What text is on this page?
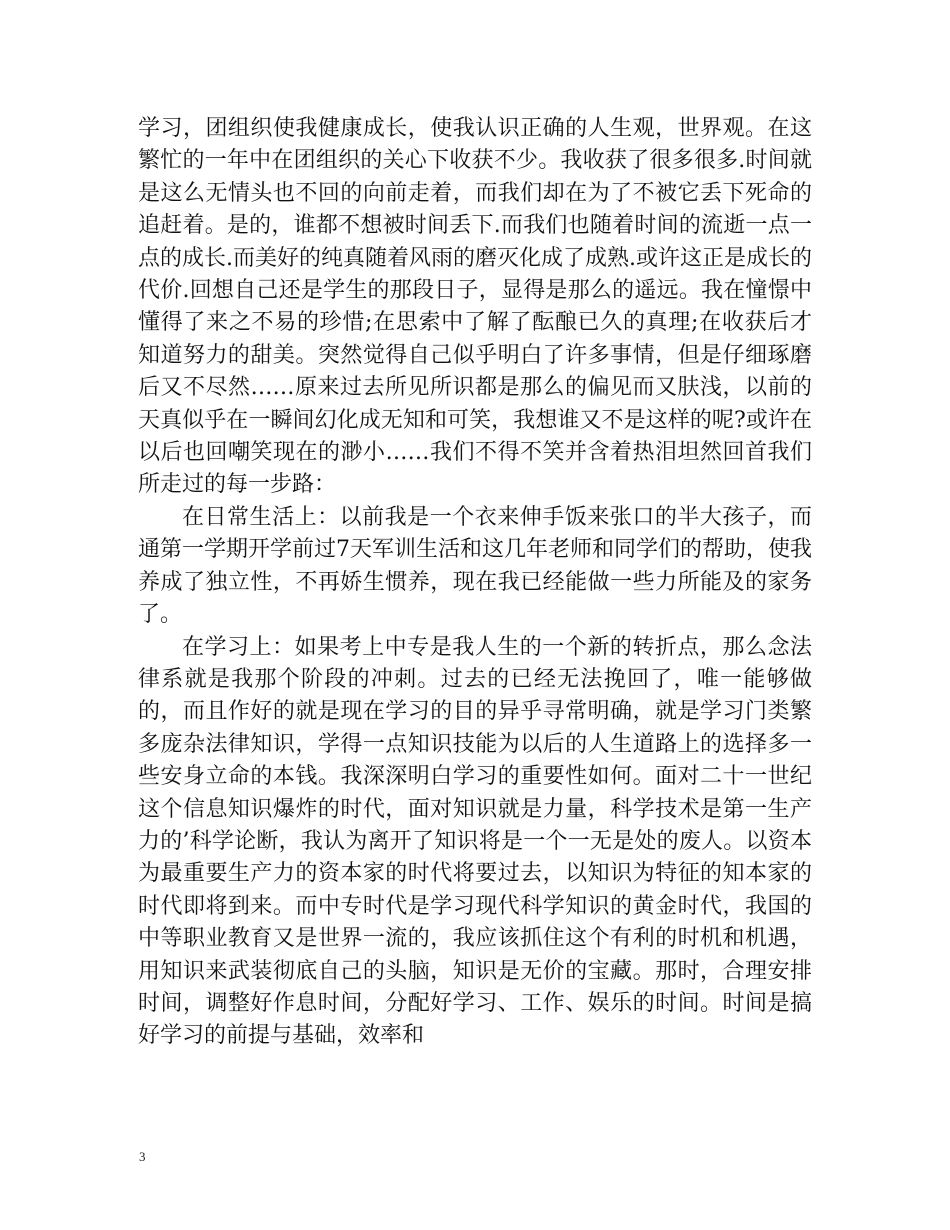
学习，团组织使我健康成长，使我认识正确的人生观，世界观。在这繁忙的一年中在团组织的关心下收获不少。我收获了很多很多.时间就是这么无情头也不回的向前走着，而我们却在为了不被它丢下死命的追赶着。是的，谁都不想被时间丢下.而我们也随着时间的流逝一点一点的成长.而美好的纯真随着风雨的磨灭化成了成熟.或许这正是成长的代价.回想自己还是学生的那段日子，显得是那么的遥远。我在憧憬中懂得了来之不易的珍惜;在思索中了解了酝酿已久的真理;在收获后才知道努力的甜美。突然觉得自己似乎明白了许多事情，但是仔细琢磨后又不尽然……原来过去所见所识都是那么的偏见而又肤浅，以前的天真似乎在一瞬间幻化成无知和可笑，我想谁又不是这样的呢?或许在以后也回嘲笑现在的渺小……我们不得不笑并含着热泪坦然回首我们所走过的每一步路：

在日常生活上：以前我是一个衣来伸手饭来张口的半大孩子，而通第一学期开学前过7天军训生活和这几年老师和同学们的帮助，使我养成了独立性，不再娇生惯养，现在我已经能做一些力所能及的家务了。

在学习上：如果考上中专是我人生的一个新的转折点，那么念法律系就是我那个阶段的冲刺。过去的已经无法挽回了，唯一能够做的，而且作好的就是现在学习的目的异乎寻常明确，就是学习门类繁多庞杂法律知识，学得一点知识技能为以后的人生道路上的选择多一些安身立命的本钱。我深深明白学习的重要性如何。面对二十一世纪这个信息知识爆炸的时代，面对知识就是力量，科学技术是第一生产力的’科学论断，我认为离开了知识将是一个一无是处的废人。以资本为最重要生产力的资本家的时代将要过去，以知识为特征的知本家的时代即将到来。而中专时代是学习现代科学知识的黄金时代，我国的中等职业教育又是世界一流的，我应该抓住这个有利的时机和机遇，用知识来武装彻底自己的头脑，知识是无价的宝藏。那时，合理安排时间，调整好作息时间，分配好学习、工作、娱乐的时间。时间是搞好学习的前提与基础，效率和

3
